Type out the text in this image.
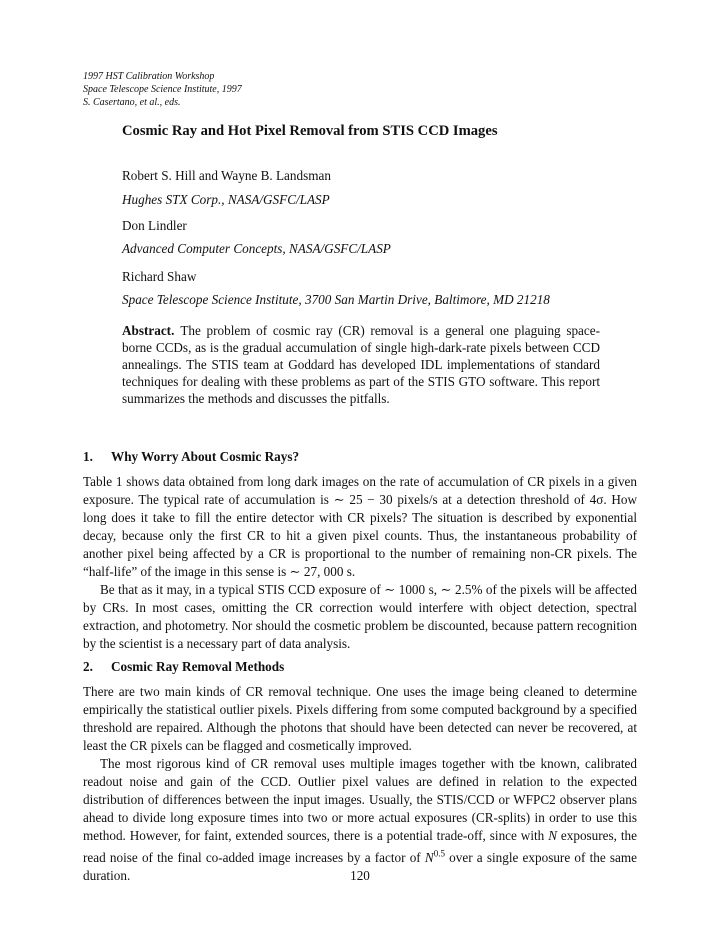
1997 HST Calibration Workshop
Space Telescope Science Institute, 1997
S. Casertano, et al., eds.
Cosmic Ray and Hot Pixel Removal from STIS CCD Images
Robert S. Hill and Wayne B. Landsman
Hughes STX Corp., NASA/GSFC/LASP
Don Lindler
Advanced Computer Concepts, NASA/GSFC/LASP
Richard Shaw
Space Telescope Science Institute, 3700 San Martin Drive, Baltimore, MD 21218
Abstract. The problem of cosmic ray (CR) removal is a general one plaguing space-borne CCDs, as is the gradual accumulation of single high-dark-rate pixels between CCD annealings. The STIS team at Goddard has developed IDL implementations of standard techniques for dealing with these problems as part of the STIS GTO software. This report summarizes the methods and discusses the pitfalls.
1. Why Worry About Cosmic Rays?

Table 1 shows data obtained from long dark images on the rate of accumulation of CR pixels in a given exposure. The typical rate of accumulation is ∼ 25 − 30 pixels/s at a detection threshold of 4σ. How long does it take to fill the entire detector with CR pixels? The situation is described by exponential decay, because only the first CR to hit a given pixel counts. Thus, the instantaneous probability of another pixel being affected by a CR is proportional to the number of remaining non-CR pixels. The “half-life” of the image in this sense is ∼ 27, 000 s.

Be that as it may, in a typical STIS CCD exposure of ∼ 1000 s, ∼ 2.5% of the pixels will be affected by CRs. In most cases, omitting the CR correction would interfere with object detection, spectral extraction, and photometry. Nor should the cosmetic problem be discounted, because pattern recognition by the scientist is a necessary part of data analysis.

2. Cosmic Ray Removal Methods

There are two main kinds of CR removal technique. One uses the image being cleaned to determine empirically the statistical outlier pixels. Pixels differing from some computed background by a specified threshold are repaired. Although the photons that should have been detected can never be recovered, at least the CR pixels can be flagged and cosmetically improved.

The most rigorous kind of CR removal uses multiple images together with tbe known, calibrated readout noise and gain of the CCD. Outlier pixel values are defined in relation to the expected distribution of differences between the input images. Usually, the STIS/CCD or WFPC2 observer plans ahead to divide long exposure times into two or more actual exposures (CR-splits) in order to use this method. However, for faint, extended sources, there is a potential trade-off, since with N exposures, the read noise of the final co-added image increases by a factor of $N^{0.5}$ over a single exposure of the same duration.	120
